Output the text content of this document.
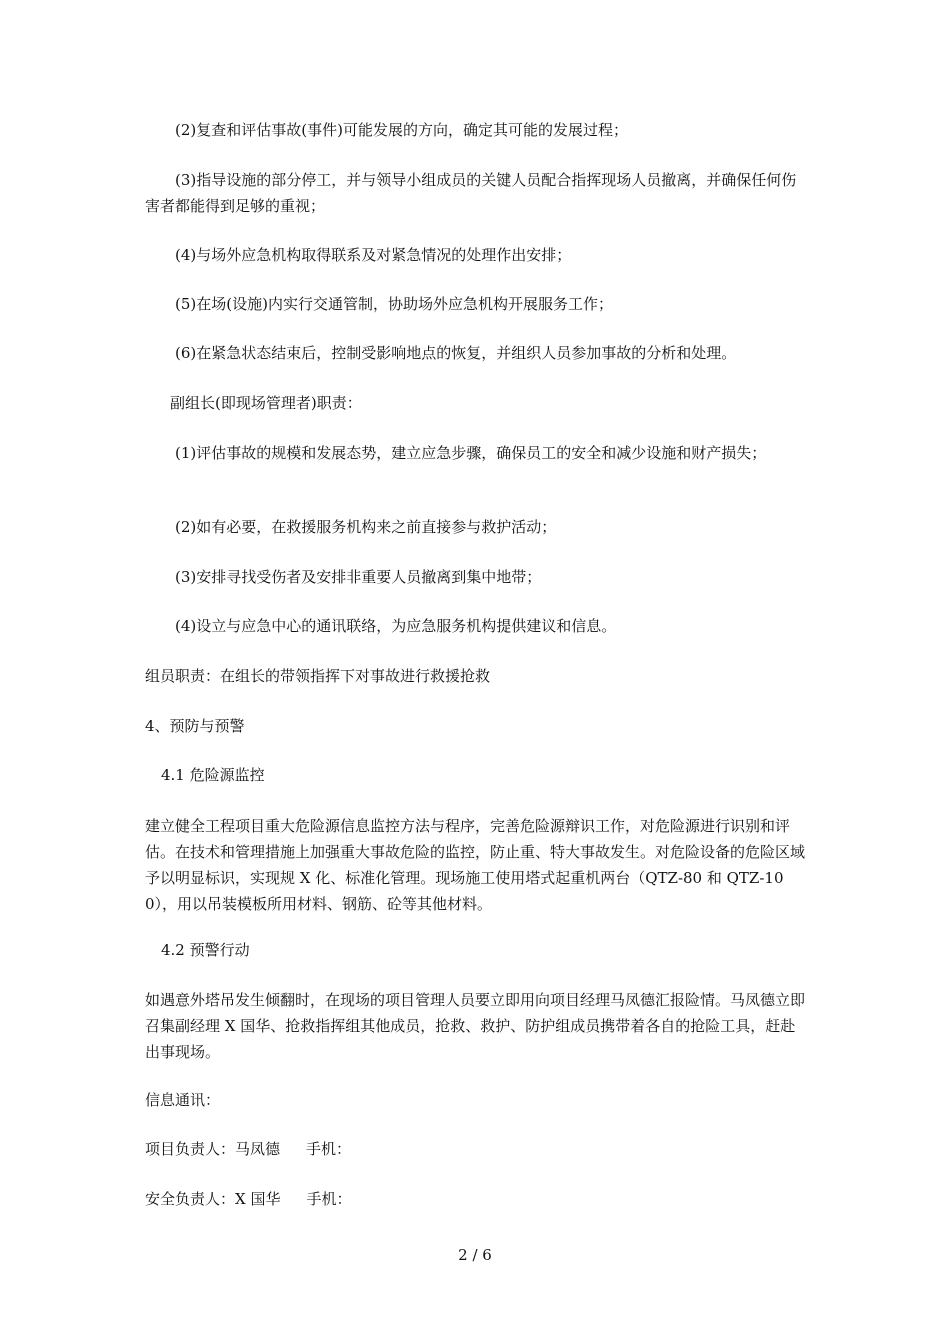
(2)复查和评估事故(事件)可能发展的方向，确定其可能的发展过程；

(3)指导设施的部分停工，并与领导小组成员的关键人员配合指挥现场人员撤离，并确保任何伤害者都能得到足够的重视；

(4)与场外应急机构取得联系及对紧急情况的处理作出安排；

(5)在场(设施)内实行交通管制，协助场外应急机构开展服务工作；

(6)在紧急状态结束后，控制受影响地点的恢复，并组织人员参加事故的分析和处理。

副组长(即现场管理者)职责：

(1)评估事故的规模和发展态势，建立应急步骤，确保员工的安全和减少设施和财产损失；

(2)如有必要，在救援服务机构来之前直接参与救护活动；

(3)安排寻找受伤者及安排非重要人员撤离到集中地带；

(4)设立与应急中心的通讯联络，为应急服务机构提供建议和信息。

组员职责：在组长的带领指挥下对事故进行救援抢救

4、预防与预警

4.1 危险源监控

建立健全工程项目重大危险源信息监控方法与程序，完善危险源辩识工作，对危险源进行识别和评估。在技术和管理措施上加强重大事故危险的监控，防止重、特大事故发生。对危险设备的危险区域予以明显标识，实现规 X 化、标准化管理。现场施工使用塔式起重机两台（QTZ-80 和 QTZ-100），用以吊装模板所用材料、钢筋、砼等其他材料。

4.2 预警行动

如遇意外塔吊发生倾翻时，在现场的项目管理人员要立即用向项目经理马凤德汇报险情。马凤德立即召集副经理 X 国华、抢救指挥组其他成员，抢救、救护、防护组成员携带着各自的抢险工具，赶赴出事现场。

信息通讯：

项目负责人：马凤德 手机：

安全负责人：X 国华 手机：

2 / 6
